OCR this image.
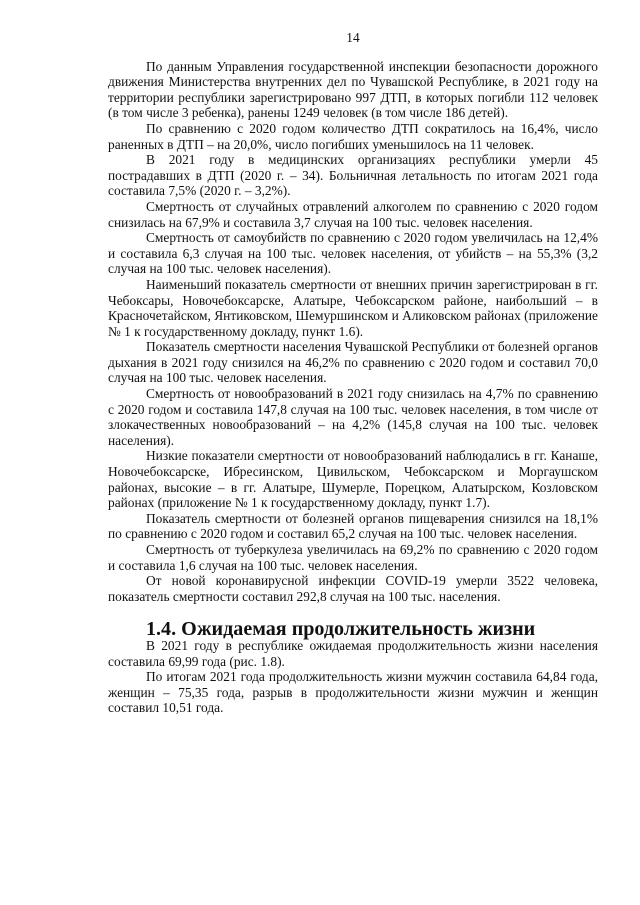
14

По данным Управления государственной инспекции безопасности дорожного движения Министерства внутренних дел по Чувашской Республике, в 2021 году на территории республики зарегистрировано 997 ДТП, в которых погибли 112 человек (в том числе 3 ребенка), ранены 1249 человек (в том числе 186 детей).

По сравнению с 2020 годом количество ДТП сократилось на 16,4%, число раненных в ДТП – на 20,0%, число погибших уменьшилось на 11 человек.

В 2021 году в медицинских организациях республики умерли 45 пострадавших в ДТП (2020 г. – 34). Больничная летальность по итогам 2021 года составила 7,5% (2020 г. – 3,2%).

Смертность от случайных отравлений алкоголем по сравнению с 2020 годом снизилась на 67,9% и составила 3,7 случая на 100 тыс. человек населения.

Смертность от самоубийств по сравнению с 2020 годом увеличилась на 12,4% и составила 6,3 случая на 100 тыс. человек населения, от убийств – на 55,3% (3,2 случая на 100 тыс. человек населения).

Наименьший показатель смертности от внешних причин зарегистрирован в гг. Чебоксары, Новочебоксарске, Алатыре, Чебоксарском районе, наибольший – в Красночетайском, Янтиковском, Шемуршинском и Аликовском районах (приложение № 1 к государственному докладу, пункт 1.6).

Показатель смертности населения Чувашской Республики от болезней органов дыхания в 2021 году снизился на 46,2% по сравнению с 2020 годом и составил 70,0 случая на 100 тыс. человек населения.

Смертность от новообразований в 2021 году снизилась на 4,7% по сравнению с 2020 годом и составила 147,8 случая на 100 тыс. человек населения, в том числе от злокачественных новообразований – на 4,2% (145,8 случая на 100 тыс. человек населения).

Низкие показатели смертности от новообразований наблюдались в гг. Канаше, Новочебоксарске, Ибресинском, Цивильском, Чебоксарском и Моргаушском районах, высокие – в гг. Алатыре, Шумерле, Порецком, Алатырском, Козловском районах (приложение № 1 к государственному докладу, пункт 1.7).

Показатель смертности от болезней органов пищеварения снизился на 18,1% по сравнению с 2020 годом и составил 65,2 случая на 100 тыс. человек населения.

Смертность от туберкулеза увеличилась на 69,2% по сравнению с 2020 годом и составила 1,6 случая на 100 тыс. человек населения.

От новой коронавирусной инфекции COVID-19 умерли 3522 человека, показатель смертности составил 292,8 случая на 100 тыс. населения.

1.4. Ожидаемая продолжительность жизни

В 2021 году в республике ожидаемая продолжительность жизни населения составила 69,99 года (рис. 1.8).

По итогам 2021 года продолжительность жизни мужчин составила 64,84 года, женщин – 75,35 года, разрыв в продолжительности жизни мужчин и женщин составил 10,51 года.
